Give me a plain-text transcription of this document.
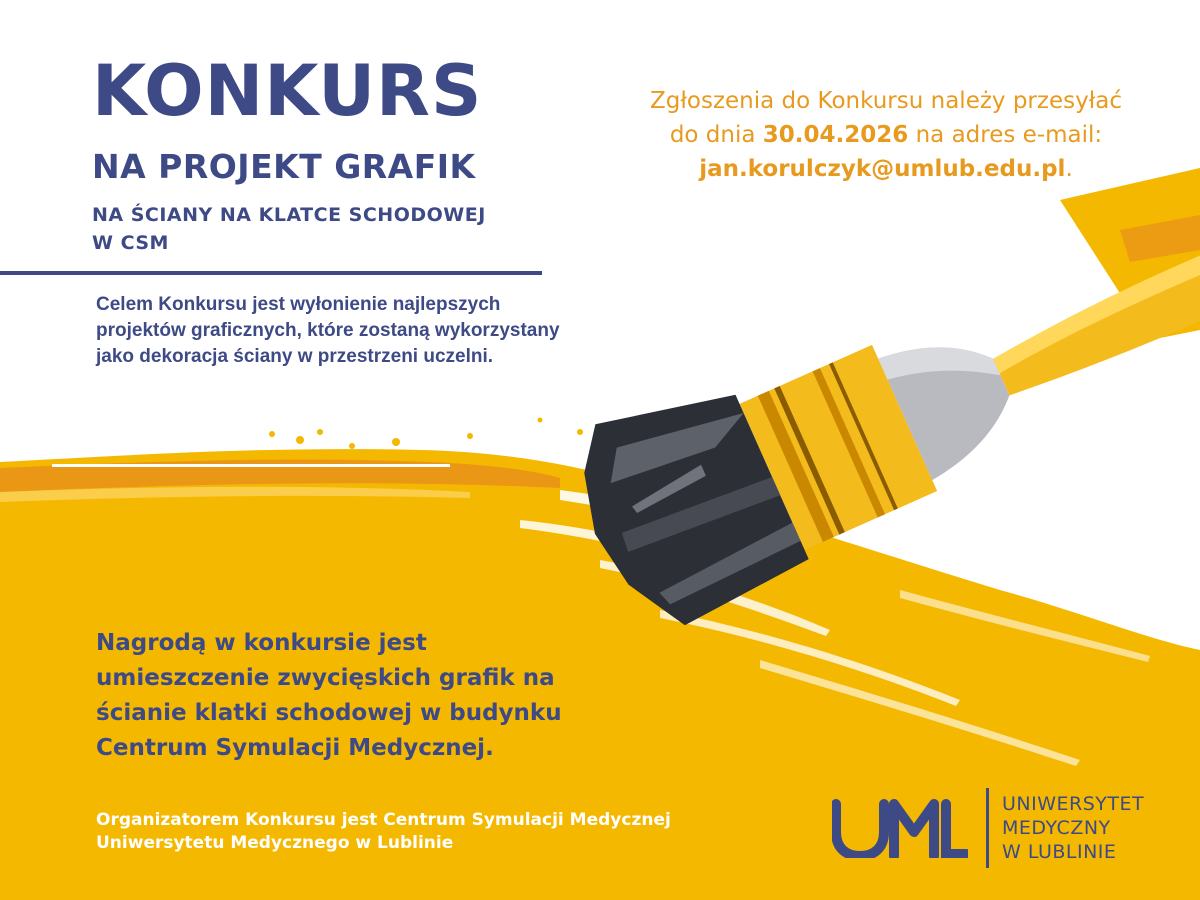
KONKURS
NA PROJEKT GRAFIK
NA ŚCIANY NA KLATCE SCHODOWEJ W CSM

Celem Konkursu jest wyłonienie najlepszych projektów graficznych, które zostaną wykorzystany jako dekoracja ściany w przestrzeni uczelni.

Zgłoszenia do Konkursu należy przesyłać do dnia 30.04.2026 na adres e-mail: jan.korulczyk@umlub.edu.pl.

Nagrodą w konkursie jest umieszczenie zwycięskich grafik na ścianie klatki schodowej w budynku Centrum Symulacji Medycznej.

Organizatorem Konkursu jest Centrum Symulacji Medycznej
Uniwersytetu Medycznego w Lublinie

UNIWERSYTET
MEDYCZNY
W LUBLINIE
